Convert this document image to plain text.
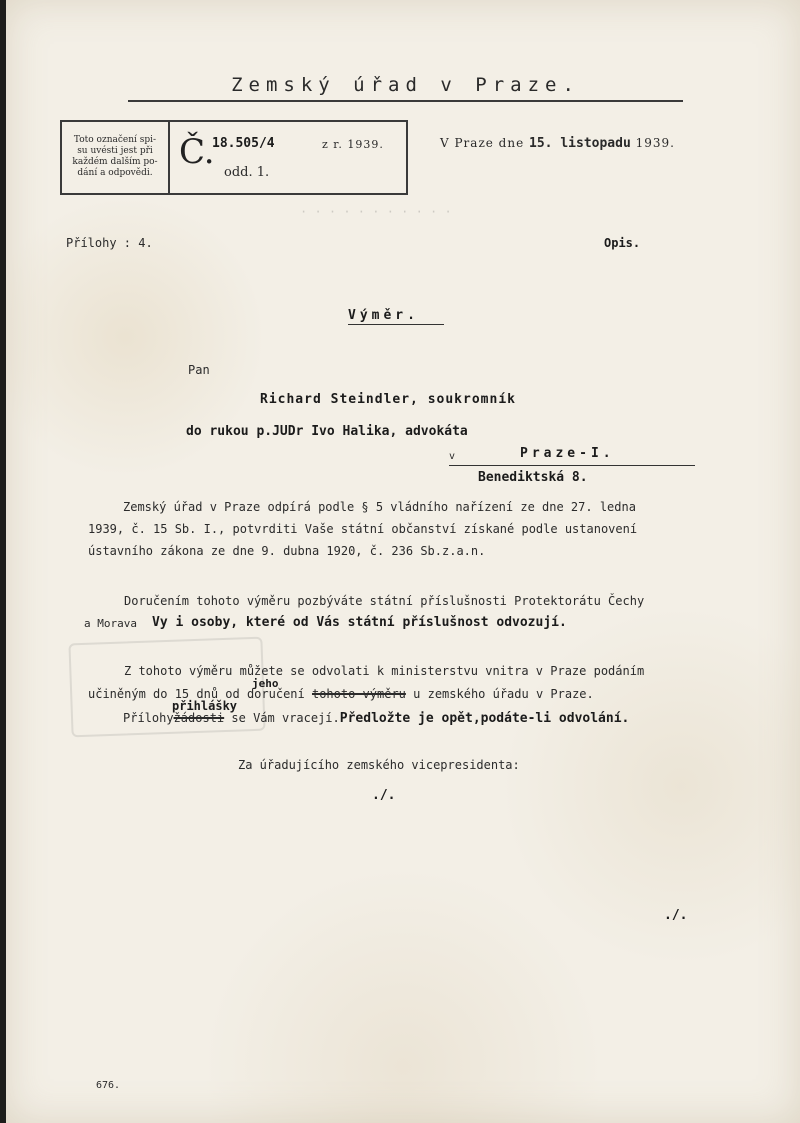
Zemský úřad v Praze.
Toto označení spi-
su uvésti jest při
každém dalším po-
dání a odpovědi.
Č.
18.505/4	z r. 1939.
odd. 1.
V Praze dne 15. listopadu 1939.
· · · · · · · · · · ·
Přílohy : 4.	Opis.
Výměr.
Pan
Richard Steindler, soukromník
do rukou p.JUDr Ivo Halika, advokáta
v	Praze-I.
Benediktská 8.
Zemský úřad v Praze odpírá podle § 5 vládního nařízení ze dne 27. ledna
1939, č. 15 Sb. I., potvrditi Vaše státní občanství získané podle ustanovení
ústavního zákona ze dne 9. dubna 1920, č. 236 Sb.z.a.n.
Doručením tohoto výměru pozbýváte státní příslušnosti Protektorátu Čechy
a Morava Vy i osoby, které od Vás státní příslušnost odvozují.
Z tohoto výměru můžete se odvolati k ministerstvu vnitra v Praze podáním
jeho
učiněným do 15 dnů od doručení tohoto výměru u zemského úřadu v Praze.
přihlášky
Přílohyžádosti se Vám vracejí.Předložte je opět,podáte-li odvolání.
Za úřadujícího zemského vicepresidenta:
./.
./.
676.
